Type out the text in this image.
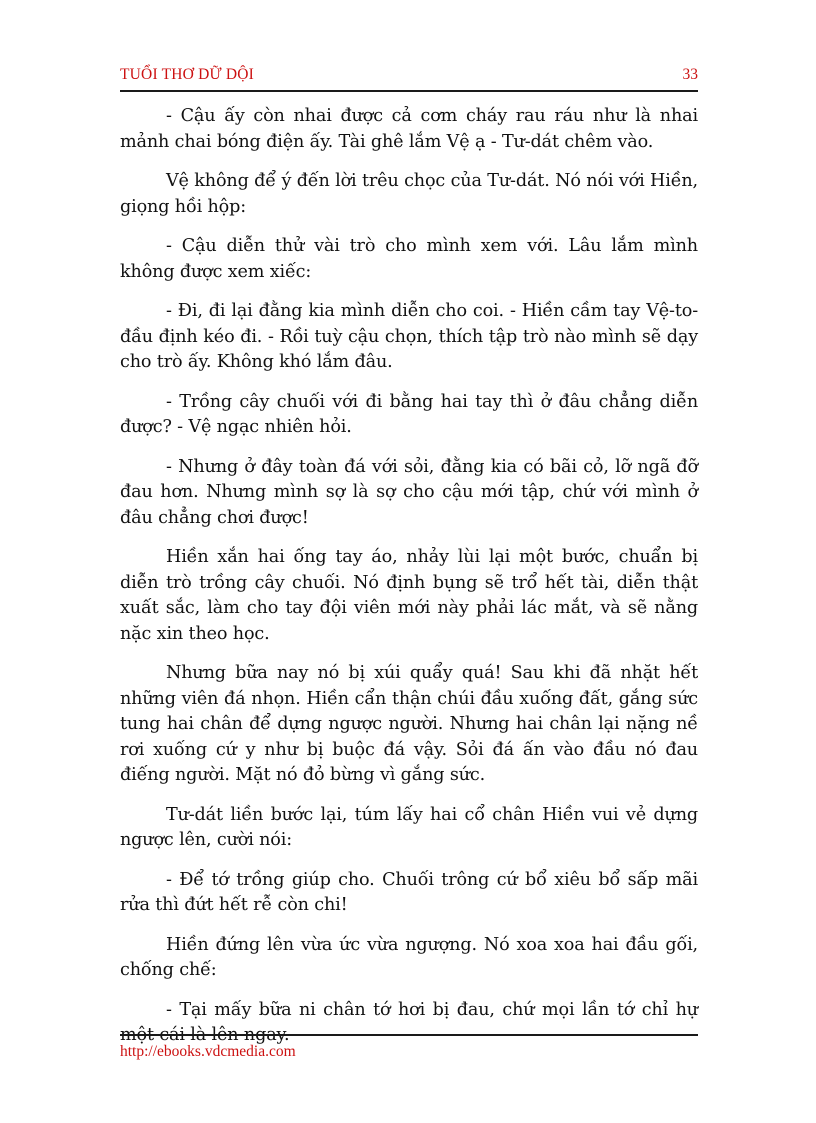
TUỔI THƠ DỮ DỘI	33

- Cậu ấy còn nhai được cả cơm cháy rau ráu như là nhai mảnh chai bóng điện ấy. Tài ghê lắm Vệ ạ - Tư-dát chêm vào.

Vệ không để ý đến lời trêu chọc của Tư-dát. Nó nói với Hiền, giọng hồi hộp:

- Cậu diễn thử vài trò cho mình xem với. Lâu lắm mình không được xem xiếc:

- Đi, đi lại đằng kia mình diễn cho coi. - Hiền cầm tay Vệ-to-đầu định kéo đi. - Rồi tuỳ cậu chọn, thích tập trò nào mình sẽ dạy cho trò ấy. Không khó lắm đâu.

- Trồng cây chuối với đi bằng hai tay thì ở đâu chẳng diễn được? - Vệ ngạc nhiên hỏi.

- Nhưng ở đây toàn đá với sỏi, đằng kia có bãi cỏ, lỡ ngã đỡ đau hơn. Nhưng mình sợ là sợ cho cậu mới tập, chứ với mình ở đâu chẳng chơi được!

Hiền xắn hai ống tay áo, nhảy lùi lại một bước, chuẩn bị diễn trò trồng cây chuối. Nó định bụng sẽ trổ hết tài, diễn thật xuất sắc, làm cho tay đội viên mới này phải lác mắt, và sẽ nằng nặc xin theo học.

Nhưng bữa nay nó bị xúi quẩy quá! Sau khi đã nhặt hết những viên đá nhọn. Hiền cẩn thận chúi đầu xuống đất, gắng sức tung hai chân để dựng ngược người. Nhưng hai chân lại nặng nề rơi xuống cứ y như bị buộc đá vậy. Sỏi đá ấn vào đầu nó đau điếng người. Mặt nó đỏ bừng vì gắng sức.

Tư-dát liền bước lại, túm lấy hai cổ chân Hiền vui vẻ dựng ngược lên, cười nói:

- Để tớ trồng giúp cho. Chuối trông cứ bổ xiêu bổ sấp mãi rửa thì đứt hết rễ còn chi!

Hiền đứng lên vừa ức vừa ngượng. Nó xoa xoa hai đầu gối, chống chế:

- Tại mấy bữa ni chân tớ hơi bị đau, chứ mọi lần tớ chỉ hự một cái là lên ngay.

http://ebooks.vdcmedia.com
